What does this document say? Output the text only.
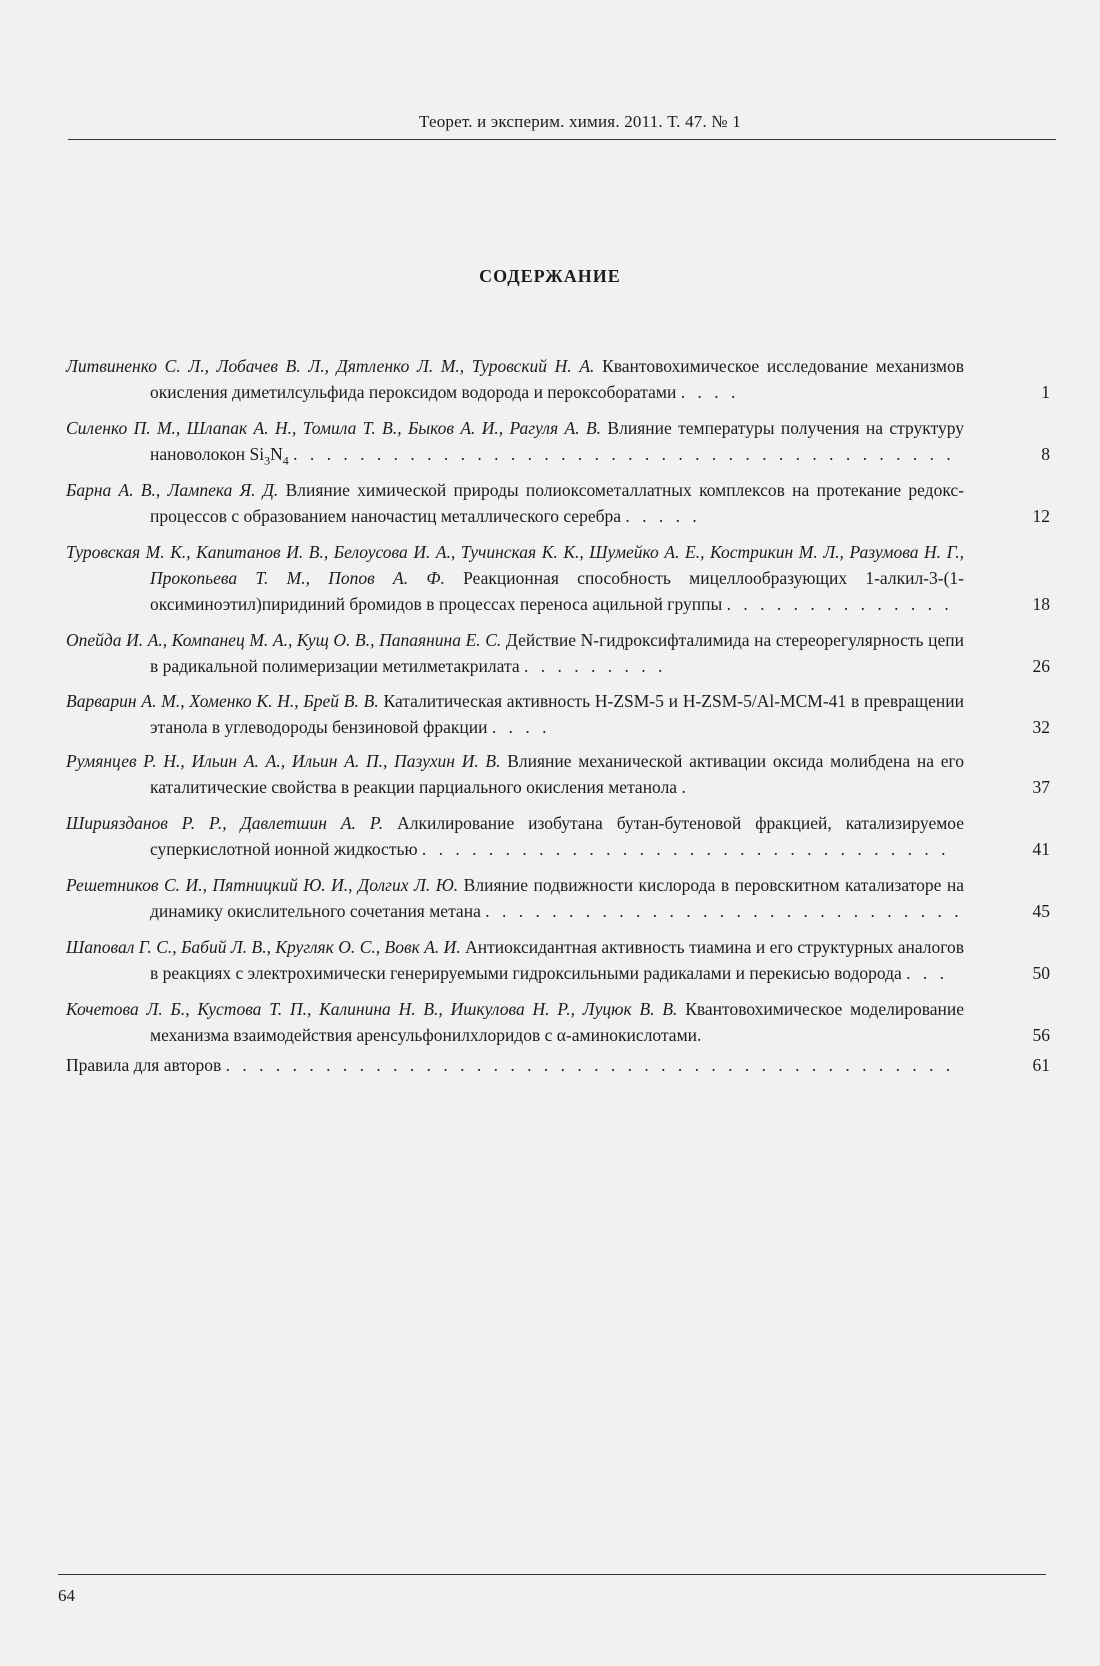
Теорет. и эксперим. химия. 2011. Т. 47. № 1
СОДЕРЖАНИЕ
Литвиненко С. Л., Лобачев В. Л., Дятленко Л. М., Туровский Н. А. Квантовохимическое исследование механизмов окисления диметилсульфида пероксидом водорода и пероксоборатами . . . .	1
Силенко П. М., Шлапак А. Н., Томила Т. В., Быков А. И., Рагуля А. В. Влияние температуры получения на структуру нановолокон $Si_3N_4$ . . . . . . . . . . . . . . . . . . . . . . . . . . . . . . . . . . . . . . . .	8
Барна А. В., Лампека Я. Д. Влияние химической природы полиоксометаллатных комплексов на протекание редокс-процессов с образованием наночастиц металлического серебра . . . . .	12
Туровская М. К., Капитанов И. В., Белоусова И. А., Тучинская К. К., Шумейко А. Е., Кострикин М. Л., Разумова Н. Г., Прокопьева Т. М., Попов А. Ф. Реакционная способность мицеллообразующих 1-алкил-3-(1-оксиминоэтил)пиридиний бромидов в процессах переноса ацильной группы . . . . . . . . . . . . . .	18
Опейда И. А., Компанец М. А., Кущ О. В., Папаянина Е. С. Действие N-гидроксифталимида на стереорегулярность цепи в радикальной полимеризации метилметакрилата . . . . . . . . .	26
Варварин А. М., Хоменко К. Н., Брей В. В. Каталитическая активность H-ZSM-5 и H-ZSM-5/Al-MCM-41 в превращении этанола в углеводороды бензиновой фракции . . . .	32
Румянцев Р. Н., Ильин А. А., Ильин А. П., Пазухин И. В. Влияние механической активации оксида молибдена на его каталитические свойства в реакции парциального окисления метанола .	37
Ширияздaнов Р. Р., Давлетшин А. Р. Алкилирование изобутана бутан-бутеновой фракцией, катализируемое суперкислотной ионной жидкостью . . . . . . . . . . . . . . . . . . . . . . . . . . . . . . . .	41
Решетников С. И., Пятницкий Ю. И., Долгих Л. Ю. Влияние подвижности кислорода в перовскитном катализаторе на динамику окислительного сочетания метана . . . . . . . . . . . . . . . . . . . . . . . . . . . . .	45
Шаповал Г. С., Бабий Л. В., Кругляк О. С., Вовк А. И. Антиоксидантная активность тиамина и его структурных аналогов в реакциях с электрохимически генерируемыми гидроксильными радикалами и перекисью водорода . . .	50
Кочетова Л. Б., Кустова Т. П., Калинина Н. В., Ишкулова Н. Р., Луцюк В. В. Квантовохимическое моделирование механизма взаимодействия аренсульфонилхлоридов с α-аминокислотами.	56
Правила для авторов . . . . . . . . . . . . . . . . . . . . . . . . . . . . . . . . . . . . . . . . . . . .	61
64
